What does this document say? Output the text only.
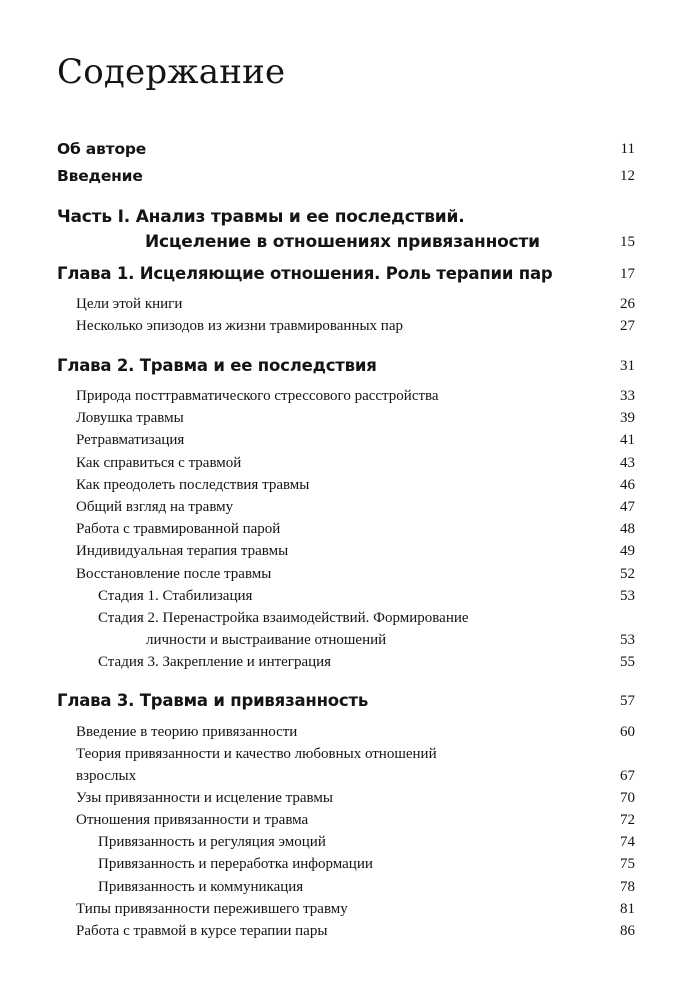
Содержание
Об авторе	11
Введение	12
Часть I. Анализ травмы и ее последствий.
Исцеление в отношениях привязанности	15
Глава 1. Исцеляющие отношения. Роль терапии пар	17
Цели этой книги	26
Несколько эпизодов из жизни травмированных пар	27
Глава 2. Травма и ее последствия	31
Природа посттравматического стрессового расстройства	33
Ловушка травмы	39
Ретравматизация	41
Как справиться с травмой	43
Как преодолеть последствия травмы	46
Общий взгляд на травму	47
Работа с травмированной парой	48
Индивидуальная терапия травмы	49
Восстановление после травмы	52
Стадия 1. Стабилизация	53
Стадия 2. Перенастройка взаимодействий. Формирование
личности и выстраивание отношений	53
Стадия 3. Закрепление и интеграция	55
Глава 3. Травма и привязанность	57
Введение в теорию привязанности	60
Теория привязанности и качество любовных отношений
взрослых	67
Узы привязанности и исцеление травмы	70
Отношения привязанности и травма	72
Привязанность и регуляция эмоций	74
Привязанность и переработка информации	75
Привязанность и коммуникация	78
Типы привязанности пережившего травму	81
Работа с травмой в курсе терапии пары	86
